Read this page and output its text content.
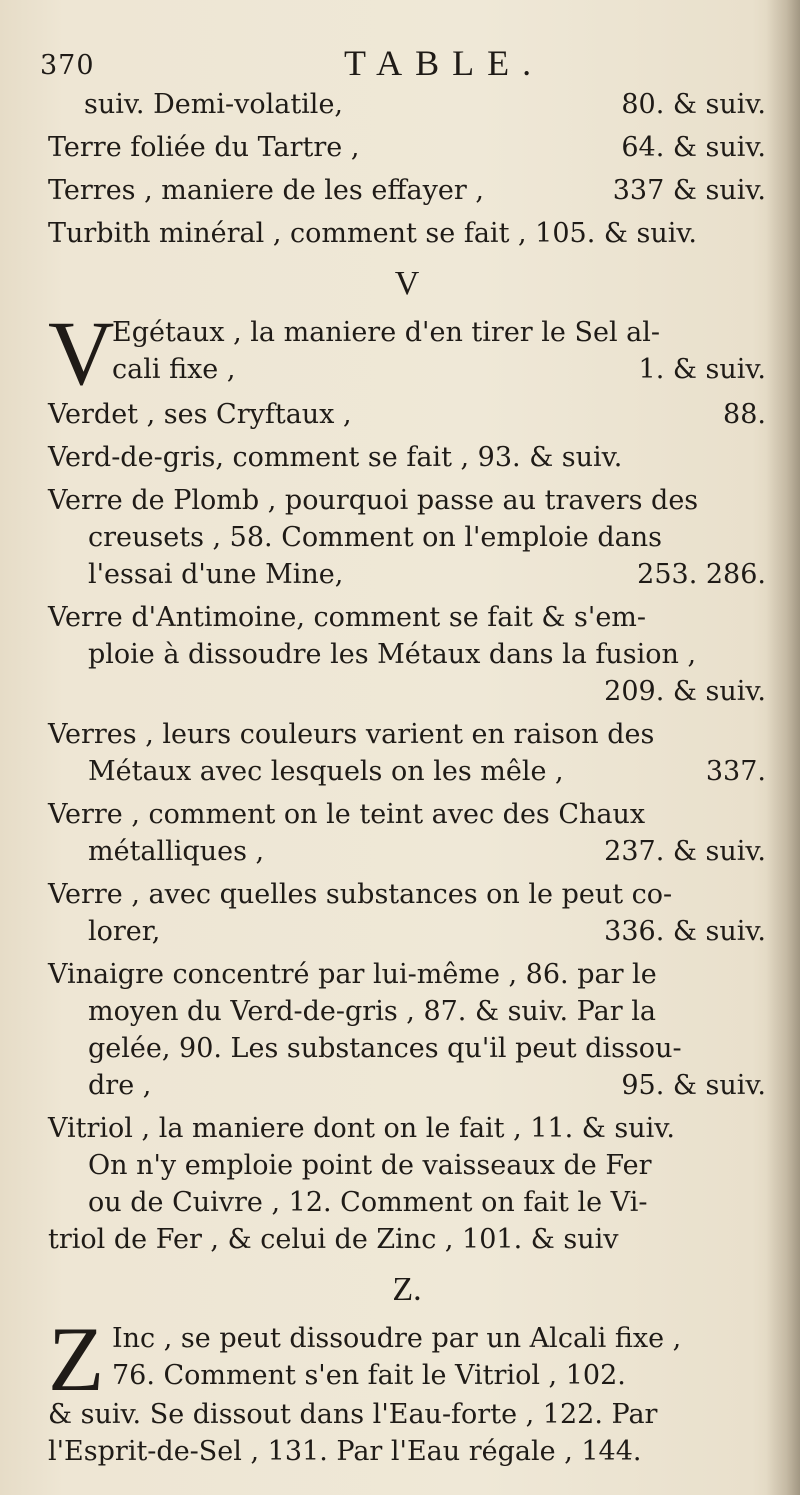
370	TABLE.
suiv. Demi-volatile,	80. & suiv.
Terre foliée du Tartre ,	64. & suiv.
Terres , maniere de les effayer ,	337 & suiv.
Turbith minéral , comment se fait , 105. & suiv.
V
V
Egétaux , la maniere d'en tirer le Sel al-
cali fixe ,	1. & suiv.
Verdet , ses Cryftaux ,	88.
Verd-de-gris, comment se fait , 93. & suiv.
Verre de Plomb , pourquoi passe au travers des
creusets , 58. Comment on l'emploie dans
l'essai d'une Mine,	253. 286.
Verre d'Antimoine, comment se fait & s'em-
ploie à dissoudre les Métaux dans la fusion ,
209. & suiv.
Verres , leurs couleurs varient en raison des
Métaux avec lesquels on les mêle ,	337.
Verre , comment on le teint avec des Chaux
métalliques ,	237. & suiv.
Verre , avec quelles substances on le peut co-
lorer,	336. & suiv.
Vinaigre concentré par lui-même , 86. par le
moyen du Verd-de-gris , 87. & suiv. Par la
gelée, 90. Les substances qu'il peut dissou-
dre ,	95. & suiv.
Vitriol , la maniere dont on le fait , 11. & suiv.
On n'y emploie point de vaisseaux de Fer
ou de Cuivre , 12. Comment on fait le Vi-
triol de Fer , & celui de Zinc , 101. & suiv
Z.
Z Inc , se peut dissoudre par un Alcali fixe ,
76. Comment s'en fait le Vitriol , 102.
& suiv. Se dissout dans l'Eau-forte , 122. Par
l'Esprit-de-Sel , 131. Par l'Eau régale , 144.
